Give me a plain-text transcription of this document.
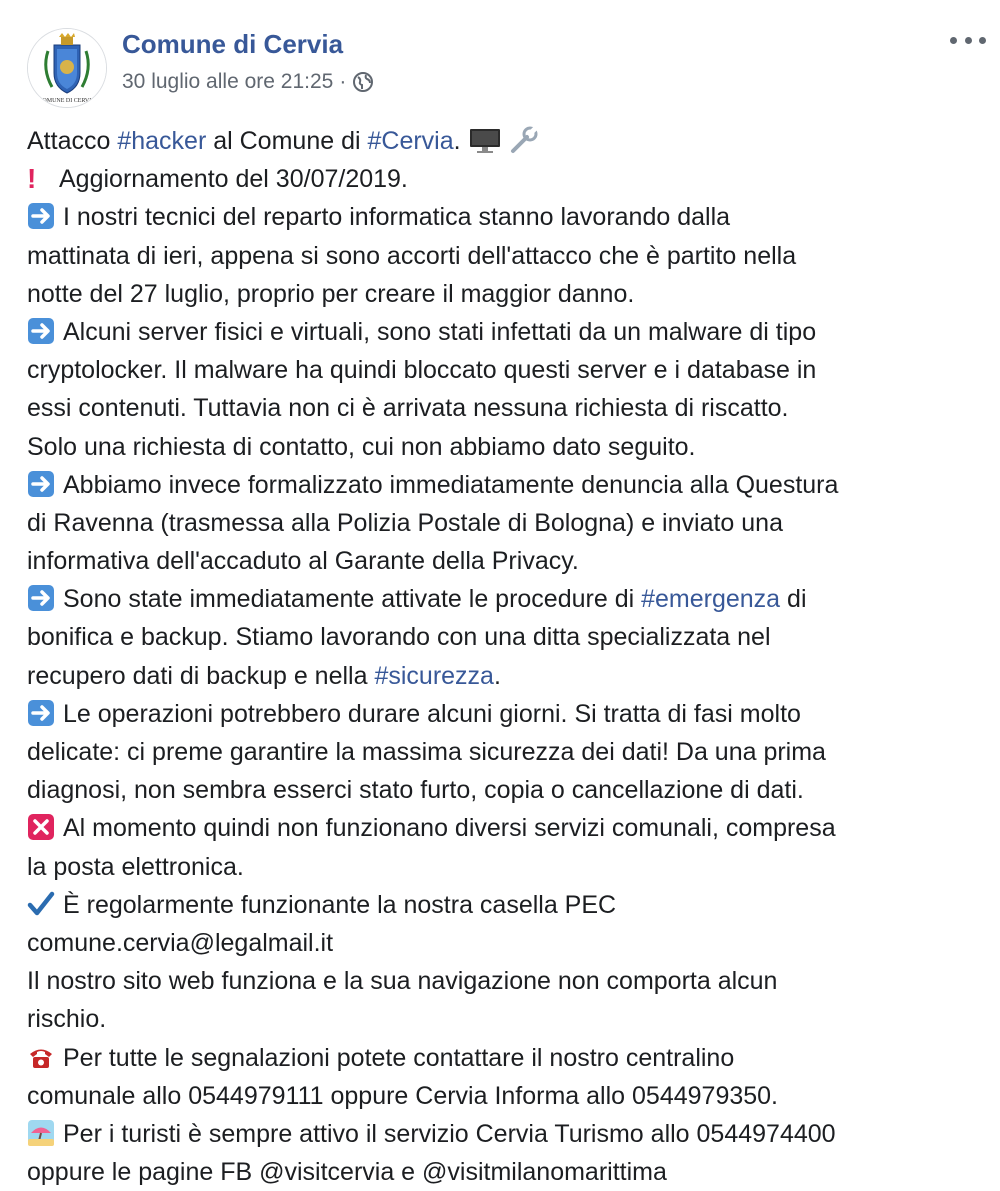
COMUNE DI CERVIA
Comune di Cervia
30 luglio alle ore 21:25 ·
Attacco #hacker al Comune di #Cervia.
! Aggiornamento del 30/07/2019.
I nostri tecnici del reparto informatica stanno lavorando dalla
mattinata di ieri, appena si sono accorti dell'attacco che è partito nella
notte del 27 luglio, proprio per creare il maggior danno.
Alcuni server fisici e virtuali, sono stati infettati da un malware di tipo
cryptolocker. Il malware ha quindi bloccato questi server e i database in
essi contenuti. Tuttavia non ci è arrivata nessuna richiesta di riscatto.
Solo una richiesta di contatto, cui non abbiamo dato seguito.
Abbiamo invece formalizzato immediatamente denuncia alla Questura
di Ravenna (trasmessa alla Polizia Postale di Bologna) e inviato una
informativa dell'accaduto al Garante della Privacy.
Sono state immediatamente attivate le procedure di #emergenza di
bonifica e backup. Stiamo lavorando con una ditta specializzata nel
recupero dati di backup e nella #sicurezza.
Le operazioni potrebbero durare alcuni giorni. Si tratta di fasi molto
delicate: ci preme garantire la massima sicurezza dei dati! Da una prima
diagnosi, non sembra esserci stato furto, copia o cancellazione di dati.
Al momento quindi non funzionano diversi servizi comunali, compresa
la posta elettronica.
È regolarmente funzionante la nostra casella PEC
comune.cervia@legalmail.it
Il nostro sito web funziona e la sua navigazione non comporta alcun
rischio.
Per tutte le segnalazioni potete contattare il nostro centralino
comunale allo 0544979111 oppure Cervia Informa allo 0544979350.
Per i turisti è sempre attivo il servizio Cervia Turismo allo 0544974400
oppure le pagine FB @visitcervia e @visitmilanomarittima
